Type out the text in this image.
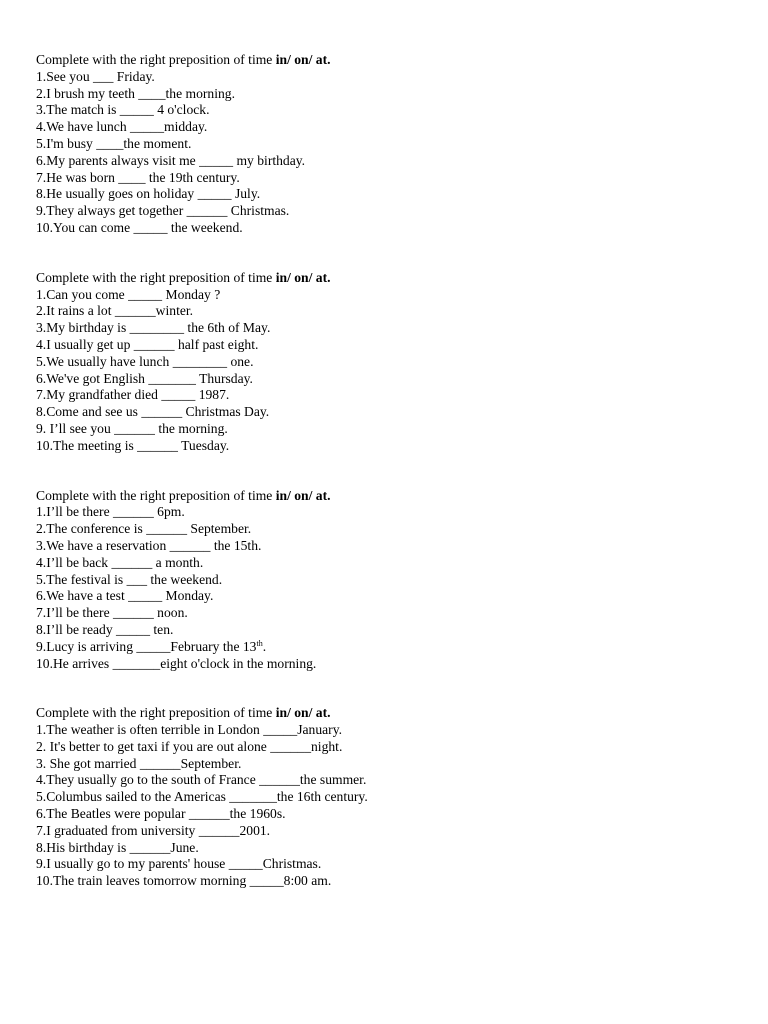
Complete with the right preposition of time in/ on/ at.
1.See you ___ Friday.
2.I brush my teeth ____the morning.
3.The match is _____ 4 o'clock.
4.We have lunch _____midday.
5.I'm busy ____the moment.
6.My parents always visit me _____ my birthday.
7.He was born ____ the 19th century.
8.He usually goes on holiday _____ July.
9.They always get together ______ Christmas.
10.You can come _____ the weekend.
Complete with the right preposition of time in/ on/ at.
1.Can you come _____ Monday ?
2.It rains a lot ______winter.
3.My birthday is ________ the 6th of May.
4.I usually get up ______ half past eight.
5.We usually have lunch ________ one.
6.We've got English _______ Thursday.
7.My grandfather died _____ 1987.
8.Come and see us ______ Christmas Day.
9. I’ll see you ______ the morning.
10.The meeting is ______ Tuesday.
Complete with the right preposition of time in/ on/ at.
1.I’ll be there ______ 6pm.
2.The conference is ______ September.
3.We have a reservation ______ the 15th.
4.I’ll be back ______ a month.
5.The festival is ___ the weekend.
6.We have a test _____ Monday.
7.I’ll be there ______ noon.
8.I’ll be ready _____ ten.
9.Lucy is arriving _____February the 13th.
10.He arrives _______eight o'clock in the morning.
Complete with the right preposition of time in/ on/ at.
1.The weather is often terrible in London _____January.
2. It's better to get taxi if you are out alone ______night.
3. She got married ______September.
4.They usually go to the south of France ______the summer.
5.Columbus sailed to the Americas _______the 16th century.
6.The Beatles were popular ______the 1960s.
7.I graduated from university ______2001.
8.His birthday is ______June.
9.I usually go to my parents' house _____Christmas.
10.The train leaves tomorrow morning _____8:00 am.
